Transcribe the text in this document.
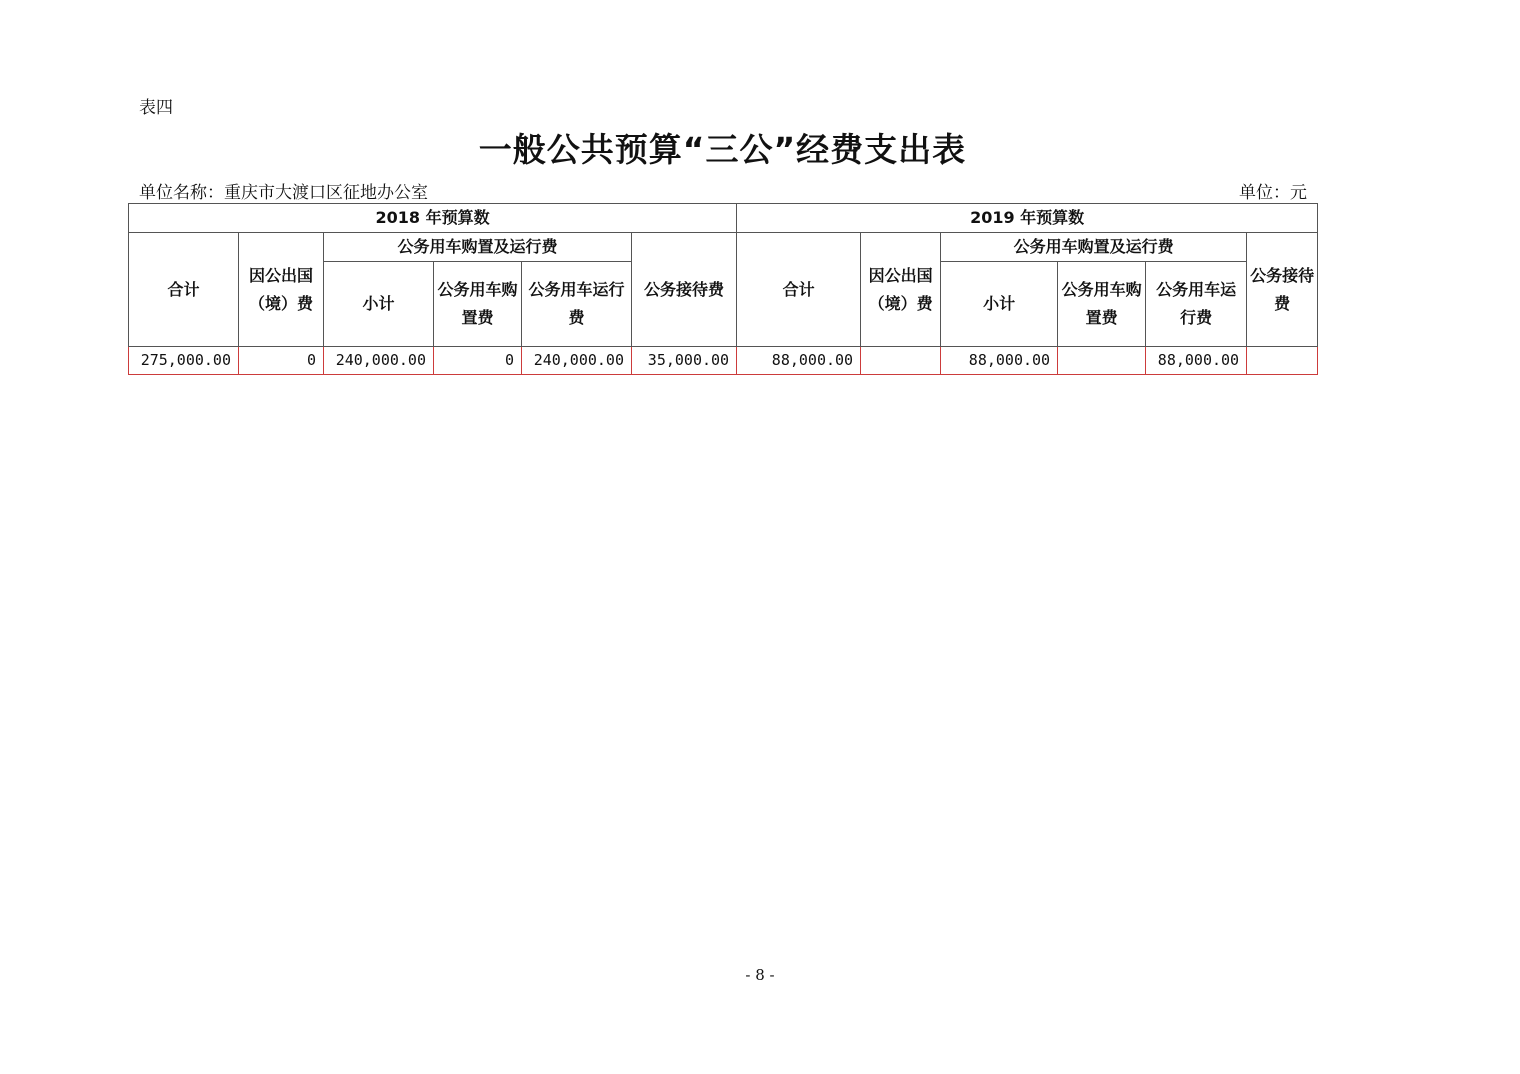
表四
一般公共预算“三公”经费支出表
单位名称：重庆市大渡口区征地办公室	单位：元
2018 年预算数						2019 年预算数					
合计	因公出国（境）费	公务用车购置及运行费			公务接待费	合计	因公出国（境）费	公务用车购置及运行费			公务接待费
		小计	公务用车购置费	公务用车运行费				小计	公务用车购置费	公务用车运行费	
275,000.00	0	240,000.00	0	240,000.00	35,000.00	88,000.00		88,000.00		88,000.00	
- 8 -
